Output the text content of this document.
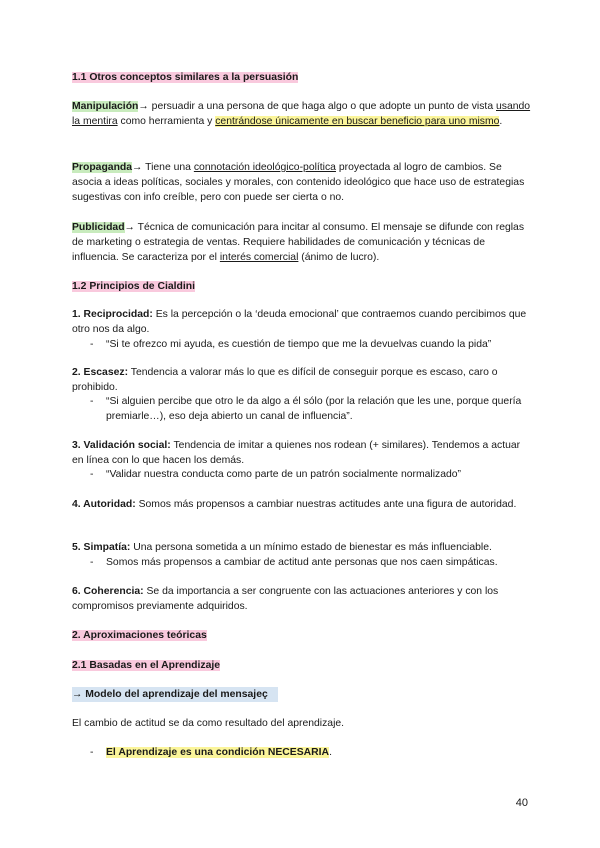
1.1 Otros conceptos similares a la persuasión
Manipulación→ persuadir a una persona de que haga algo o que adopte un punto de vista usando la mentira como herramienta y centrándose únicamente en buscar beneficio para uno mismo.
Propaganda→ Tiene una connotación ideológico-política proyectada al logro de cambios. Se asocia a ideas políticas, sociales y morales, con contenido ideológico que hace uso de estrategias sugestivas con info creíble, pero con puede ser cierta o no.
Publicidad→ Técnica de comunicación para incitar al consumo. El mensaje se difunde con reglas de marketing o estrategia de ventas. Requiere habilidades de comunicación y técnicas de influencia. Se caracteriza por el interés comercial (ánimo de lucro).
1.2 Principios de Cialdini
1. Reciprocidad: Es la percepción o la ‘deuda emocional’ que contraemos cuando percibimos que otro nos da algo.
- “Si te ofrezco mi ayuda, es cuestión de tiempo que me la devuelvas cuando la pida”
2. Escasez: Tendencia a valorar más lo que es difícil de conseguir porque es escaso, caro o prohibido.
- “Si alguien percibe que otro le da algo a él sólo (por la relación que les une, porque quería premiarle…), eso deja abierto un canal de influencia”.
3. Validación social: Tendencia de imitar a quienes nos rodean (+ similares). Tendemos a actuar en línea con lo que hacen los demás.
- “Validar nuestra conducta como parte de un patrón socialmente normalizado”
4. Autoridad: Somos más propensos a cambiar nuestras actitudes ante una figura de autoridad.
5. Simpatía: Una persona sometida a un mínimo estado de bienestar es más influenciable.
- Somos más propensos a cambiar de actitud ante personas que nos caen simpáticas.
6. Coherencia: Se da importancia a ser congruente con las actuaciones anteriores y con los compromisos previamente adquiridos.
2. Aproximaciones teóricas
2.1 Basadas en el Aprendizaje
→ Modelo del aprendizaje del mensajeç
El cambio de actitud se da como resultado del aprendizaje.
- El Aprendizaje es una condición NECESARIA.
40
